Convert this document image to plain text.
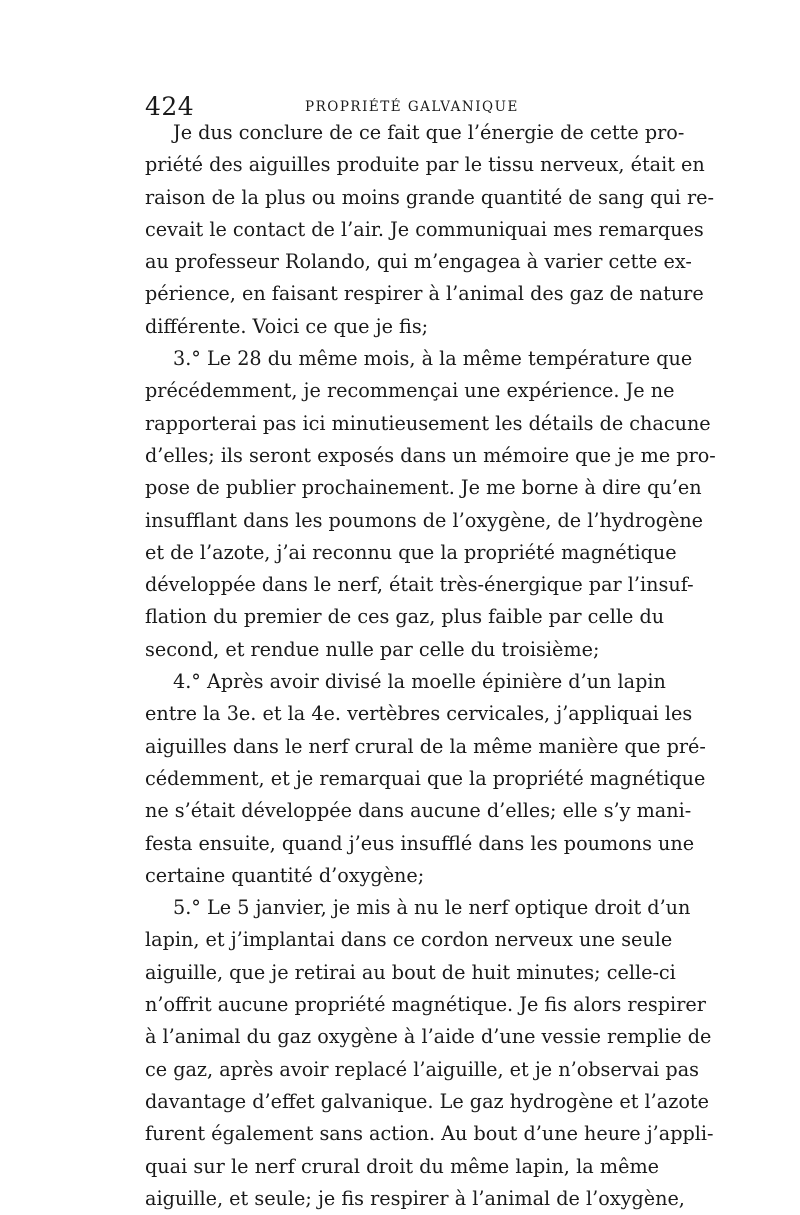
424	PROPRIÉTÉ GALVANIQUE
Je dus conclure de ce fait que l’énergie de cette pro-
priété des aiguilles produite par le tissu nerveux, était en
raison de la plus ou moins grande quantité de sang qui re-
cevait le contact de l’air. Je communiquai mes remarques
au professeur Rolando, qui m’engagea à varier cette ex-
périence, en faisant respirer à l’animal des gaz de nature
différente. Voici ce que je fis;
3.° Le 28 du même mois, à la même température que
précédemment, je recommençai une expérience. Je ne
rapporterai pas ici minutieusement les détails de chacune
d’elles; ils seront exposés dans un mémoire que je me pro-
pose de publier prochainement. Je me borne à dire qu’en
insufflant dans les poumons de l’oxygène, de l’hydrogène
et de l’azote, j’ai reconnu que la propriété magnétique
développée dans le nerf, était très-énergique par l’insuf-
flation du premier de ces gaz, plus faible par celle du
second, et rendue nulle par celle du troisième;
4.° Après avoir divisé la moelle épinière d’un lapin
entre la 3e. et la 4e. vertèbres cervicales, j’appliquai les
aiguilles dans le nerf crural de la même manière que pré-
cédemment, et je remarquai que la propriété magnétique
ne s’était développée dans aucune d’elles; elle s’y mani-
festa ensuite, quand j’eus insufflé dans les poumons une
certaine quantité d’oxygène;
5.° Le 5 janvier, je mis à nu le nerf optique droit d’un
lapin, et j’implantai dans ce cordon nerveux une seule
aiguille, que je retirai au bout de huit minutes; celle-ci
n’offrit aucune propriété magnétique. Je fis alors respirer
à l’animal du gaz oxygène à l’aide d’une vessie remplie de
ce gaz, après avoir replacé l’aiguille, et je n’observai pas
davantage d’effet galvanique. Le gaz hydrogène et l’azote
furent également sans action. Au bout d’une heure j’appli-
quai sur le nerf crural droit du même lapin, la même
aiguille, et seule; je fis respirer à l’animal de l’oxygène,
